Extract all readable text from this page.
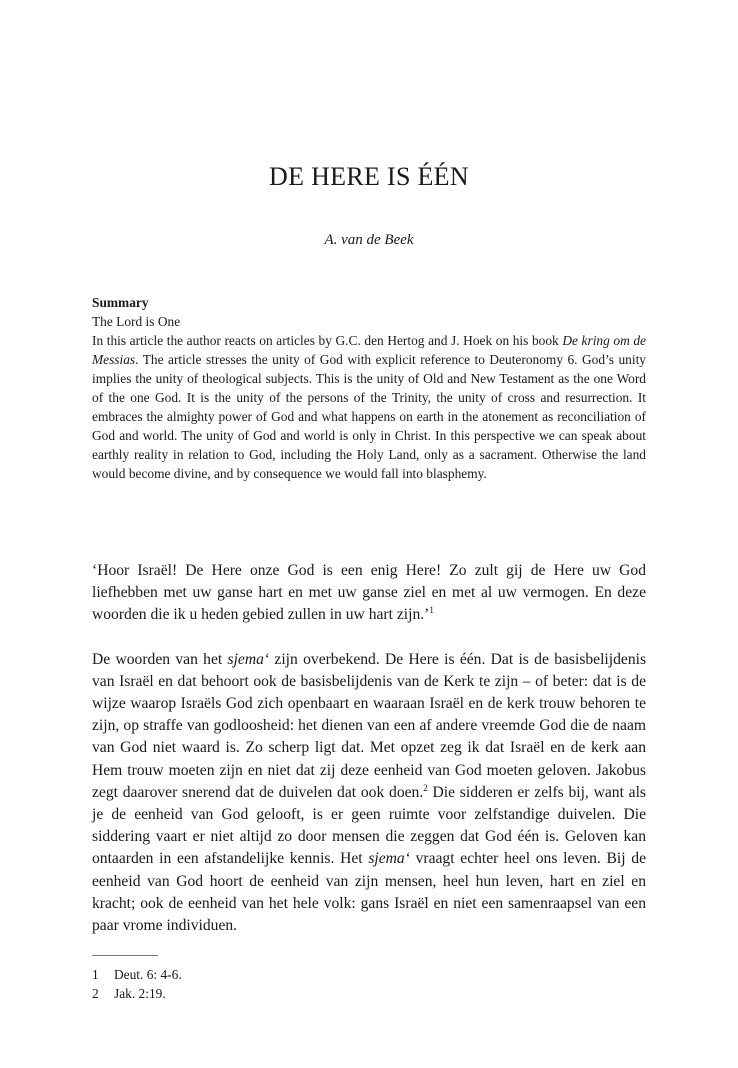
DE HERE IS ÉÉN
A. van de Beek
Summary
The Lord is One
In this article the author reacts on articles by G.C. den Hertog and J. Hoek on his book De kring om de Messias. The article stresses the unity of God with explicit reference to Deuteronomy 6. God’s unity implies the unity of theological subjects. This is the unity of Old and New Testament as the one Word of the one God. It is the unity of the persons of the Trinity, the unity of cross and resurrection. It embraces the almighty power of God and what happens on earth in the atonement as reconciliation of God and world. The unity of God and world is only in Christ. In this perspective we can speak about earthly reality in relation to God, including the Holy Land, only as a sacrament. Otherwise the land would become divine, and by consequence we would fall into blasphemy.

‘Hoor Israël! De Here onze God is een enig Here! Zo zult gij de Here uw God liefhebben met uw ganse hart en met uw ganse ziel en met al uw vermogen. En deze woorden die ik u heden gebied zullen in uw hart zijn.’$^1$

De woorden van het sjema‘ zijn overbekend. De Here is één. Dat is de basisbelijdenis van Israël en dat behoort ook de basisbelijdenis van de Kerk te zijn – of beter: dat is de wijze waarop Israëls God zich openbaart en waaraan Israël en de kerk trouw behoren te zijn, op straffe van godloosheid: het dienen van een af andere vreemde God die de naam van God niet waard is. Zo scherp ligt dat. Met opzet zeg ik dat Israël en de kerk aan Hem trouw moeten zijn en niet dat zij deze eenheid van God moeten geloven. Jakobus zegt daarover snerend dat de duivelen dat ook doen.$^2$ Die sidderen er zelfs bij, want als je de eenheid van God gelooft, is er geen ruimte voor zelfstandige duivelen. Die siddering vaart er niet altijd zo door mensen die zeggen dat God één is. Geloven kan ontaarden in een afstandelijke kennis. Het sjema‘ vraagt echter heel ons leven. Bij de eenheid van God hoort de eenheid van zijn mensen, heel hun leven, hart en ziel en kracht; ook de eenheid van het hele volk: gans Israël en niet een samenraapsel van een paar vrome individuen.

1 Deut. 6: 4-6.
2 Jak. 2:19.
